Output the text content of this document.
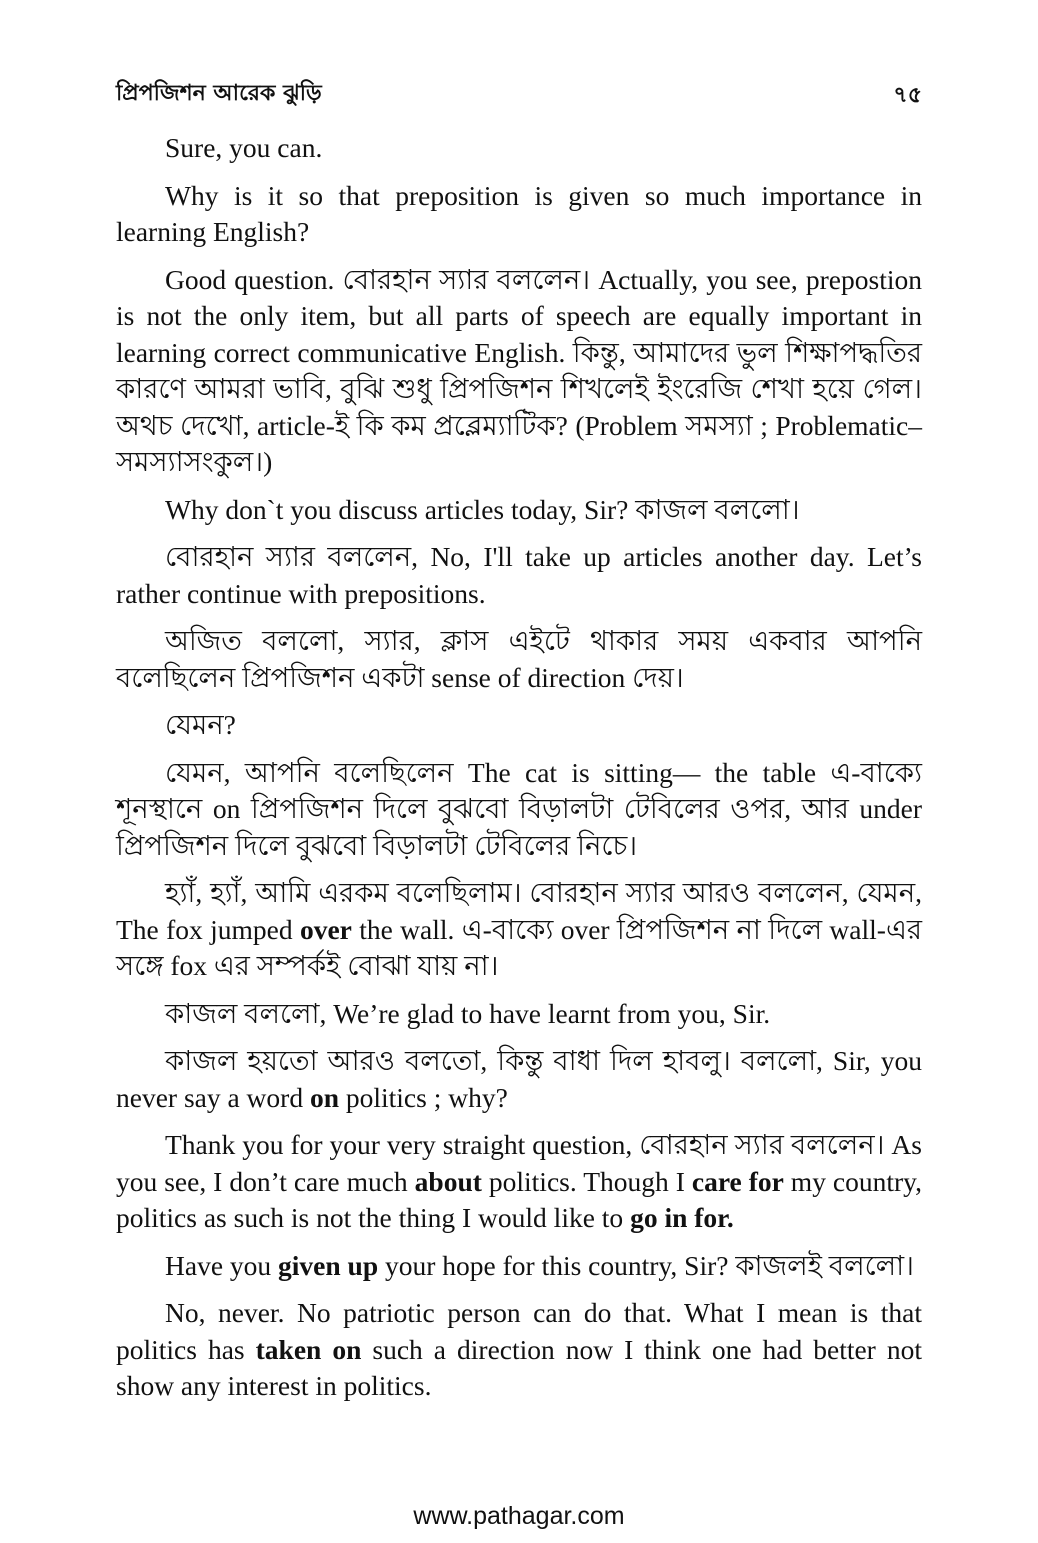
প্রিপজিশন আরেক ঝুড়ি	৭৫

Sure, you can.

Why is it so that preposition is given so much importance in learning English?

Good question. বোরহান স্যার বললেন। Actually, you see, prepostion is not the only item, but all parts of speech are equally important in learning correct communicative English. কিন্তু, আমাদের ভুল শিক্ষাপদ্ধতির কারণে আমরা ভাবি, বুঝি শুধু প্রিপজিশন শিখলেই ইংরেজি শেখা হয়ে গেল। অথচ দেখো, article-ই কি কম প্রব্লেম্যাটিক? (Problem সমস্যা ; Problematic–সমস্যাসংকুল।)

Why don`t you discuss articles today, Sir? কাজল বললো।

বোরহান স্যার বললেন, No, I'll take up articles another day. Let’s rather continue with prepositions.

অজিত বললো, স্যার, ক্লাস এইটে থাকার সময় একবার আপনি বলেছিলেন প্রিপজিশন একটা sense of direction দেয়।

যেমন?

যেমন, আপনি বলেছিলেন The cat is sitting— the table এ-বাক্যে শূনস্থানে on প্রিপজিশন দিলে বুঝবো বিড়ালটা টেবিলের ওপর, আর under প্রিপজিশন দিলে বুঝবো বিড়ালটা টেবিলের নিচে।

হ্যাঁ, হ্যাঁ, আমি এরকম বলেছিলাম। বোরহান স্যার আরও বললেন, যেমন, The fox jumped over the wall. এ-বাক্যে over প্রিপজিশন না দিলে wall-এর সঙ্গে fox এর সম্পর্কই বোঝা যায় না।

কাজল বললো, We’re glad to have learnt from you, Sir.

কাজল হয়তো আরও বলতো, কিন্তু বাধা দিল হাবলু। বললো, Sir, you never say a word on politics ; why?

Thank you for your very straight question, বোরহান স্যার বললেন। As you see, I don’t care much about politics. Though I care for my country, politics as such is not the thing I would like to go in for.

Have you given up your hope for this country, Sir? কাজলই বললো।

No, never. No patriotic person can do that. What I mean is that politics has taken on such a direction now I think one had better not show any interest in politics.

www.pathagar.com
